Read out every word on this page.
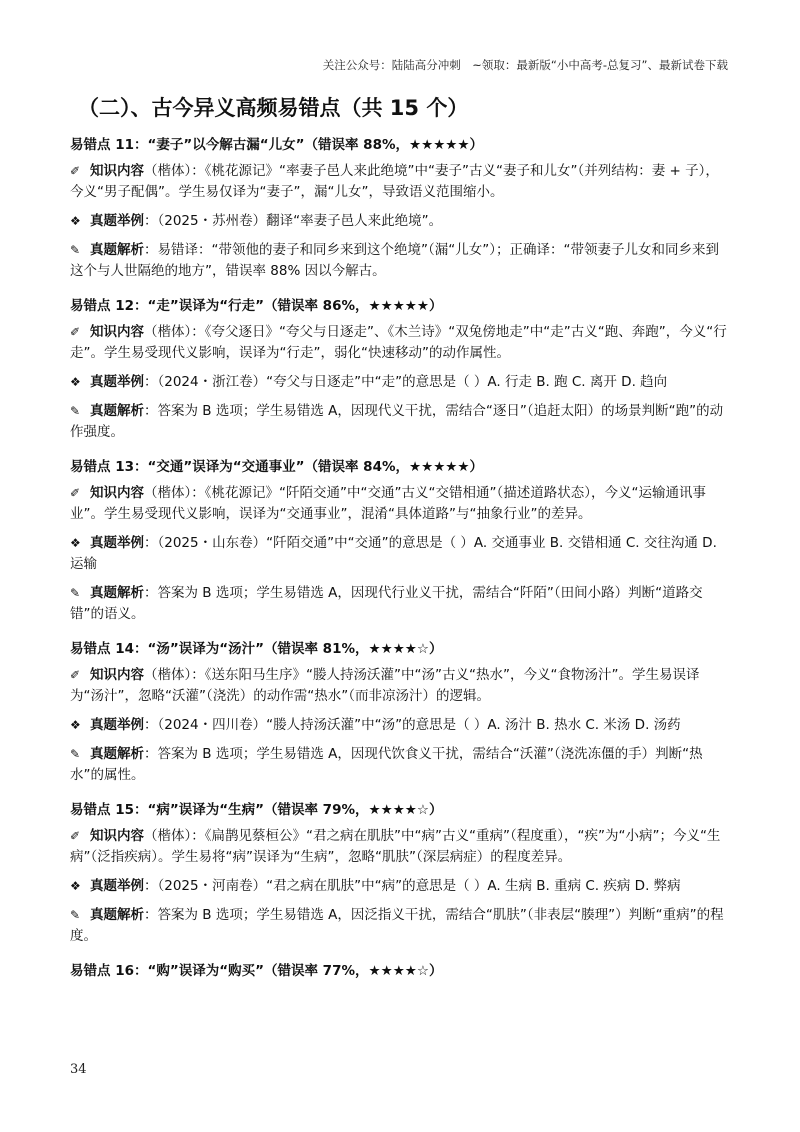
关注公众号：陆陆高分冲刺　~领取：最新版“小中高考-总复习”、最新试卷下载
（二）、古今异义高频易错点（共 15 个）
易错点 11：“妻子”以今解古漏“儿女”（错误率 88%，★★★★★）
✐ 知识内容（楷体）：《桃花源记》“率妻子邑人来此绝境”中“妻子”古义“妻子和儿女”（并列结构：妻 + 子），今义“男子配偶”。学生易仅译为“妻子”，漏“儿女”，导致语义范围缩小。
❖ 真题举例：（2025・苏州卷）翻译“率妻子邑人来此绝境”。
✎ 真题解析：易错译：“带领他的妻子和同乡来到这个绝境”（漏“儿女”）；正确译：“带领妻子儿女和同乡来到这个与人世隔绝的地方”，错误率 88% 因以今解古。
易错点 12：“走”误译为“行走”（错误率 86%，★★★★★）
✐ 知识内容（楷体）：《夸父逐日》“夸父与日逐走”、《木兰诗》“双兔傍地走”中“走”古义“跑、奔跑”，今义“行走”。学生易受现代义影响，误译为“行走”，弱化“快速移动”的动作属性。
❖ 真题举例：（2024・浙江卷）“夸父与日逐走”中“走”的意思是（ ）A. 行走 B. 跑 C. 离开 D. 趋向
✎ 真题解析：答案为 B 选项；学生易错选 A，因现代义干扰，需结合“逐日”（追赶太阳）的场景判断“跑”的动作强度。
易错点 13：“交通”误译为“交通事业”（错误率 84%，★★★★★）
✐ 知识内容（楷体）：《桃花源记》“阡陌交通”中“交通”古义“交错相通”（描述道路状态），今义“运输通讯事业”。学生易受现代义影响，误译为“交通事业”，混淆“具体道路”与“抽象行业”的差异。
❖ 真题举例：（2025・山东卷）“阡陌交通”中“交通”的意思是（ ）A. 交通事业 B. 交错相通 C. 交往沟通 D. 运输
✎ 真题解析：答案为 B 选项；学生易错选 A，因现代行业义干扰，需结合“阡陌”（田间小路）判断“道路交错”的语义。
易错点 14：“汤”误译为“汤汁”（错误率 81%，★★★★☆）
✐ 知识内容（楷体）：《送东阳马生序》“媵人持汤沃灌”中“汤”古义“热水”，今义“食物汤汁”。学生易误译为“汤汁”，忽略“沃灌”（浇洗）的动作需“热水”（而非凉汤汁）的逻辑。
❖ 真题举例：（2024・四川卷）“媵人持汤沃灌”中“汤”的意思是（ ）A. 汤汁 B. 热水 C. 米汤 D. 汤药
✎ 真题解析：答案为 B 选项；学生易错选 A，因现代饮食义干扰，需结合“沃灌”（浇洗冻僵的手）判断“热水”的属性。
易错点 15：“病”误译为“生病”（错误率 79%，★★★★☆）
✐ 知识内容（楷体）：《扁鹊见蔡桓公》“君之病在肌肤”中“病”古义“重病”（程度重），“疾”为“小病”；今义“生病”（泛指疾病）。学生易将“病”误译为“生病”，忽略“肌肤”（深层病症）的程度差异。
❖ 真题举例：（2025・河南卷）“君之病在肌肤”中“病”的意思是（ ）A. 生病 B. 重病 C. 疾病 D. 弊病
✎ 真题解析：答案为 B 选项；学生易错选 A，因泛指义干扰，需结合“肌肤”（非表层“腠理”）判断“重病”的程度。
易错点 16：“购”误译为“购买”（错误率 77%，★★★★☆）
34
